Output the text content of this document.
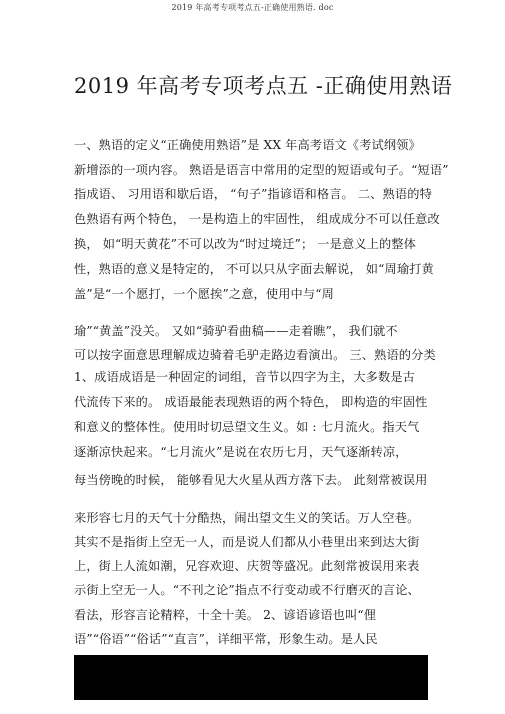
2019 年高考专项考点五-正确使用熟语. doc
2019 年高考专项考点五 -正确使用熟语
一、熟语的定义“正确使用熟语”是 XX 年高考语文《考试纲领》
新增添的一项内容。 熟语是语言中常用的定型的短语或句子。“短语”
指成语、 习用语和歇后语， “句子”指谚语和格言。 二、熟语的特
色熟语有两个特色， 一是构造上的牢固性， 组成成分不可以任意改
换， 如“明天黄花”不可以改为“时过境迁”； 一是意义上的整体
性，熟语的意义是特定的， 不可以只从字面去解说， 如“周瑜打黄
盖”是“一个愿打，一个愿挨”之意，使用中与“周
瑜”“黄盖”没关。 又如“骑驴看曲稿——走着瞧”， 我们就不
可以按字面意思理解成边骑着毛驴走路边看演出。 三、熟语的分类
1、成语成语是一种固定的词组，音节以四字为主，大多数是古
代流传下来的。 成语最能表现熟语的两个特色， 即构造的牢固性
和意义的整体性。使用时切忌望文生义。如 : 七月流火。指天气
逐渐凉快起来。“七月流火”是说在农历七月，天气逐渐转凉，
每当傍晚的时候， 能够看见大火星从西方落下去。 此刻常被误用
来形容七月的天气十分酷热，闹出望文生义的笑话。万人空巷。
其实不是指街上空无一人，而是说人们都从小巷里出来到达大街
上，街上人流如潮，兄容欢迎、庆贺等盛况。此刻常被误用来表
示街上空无一人。“不刊之论”指点不行变动或不行磨灭的言论、
看法，形容言论精粹，十全十美。 2、谚语谚语也叫“俚
语”“俗语”“俗话”“直言”，详细平常，形象生动。是人民
